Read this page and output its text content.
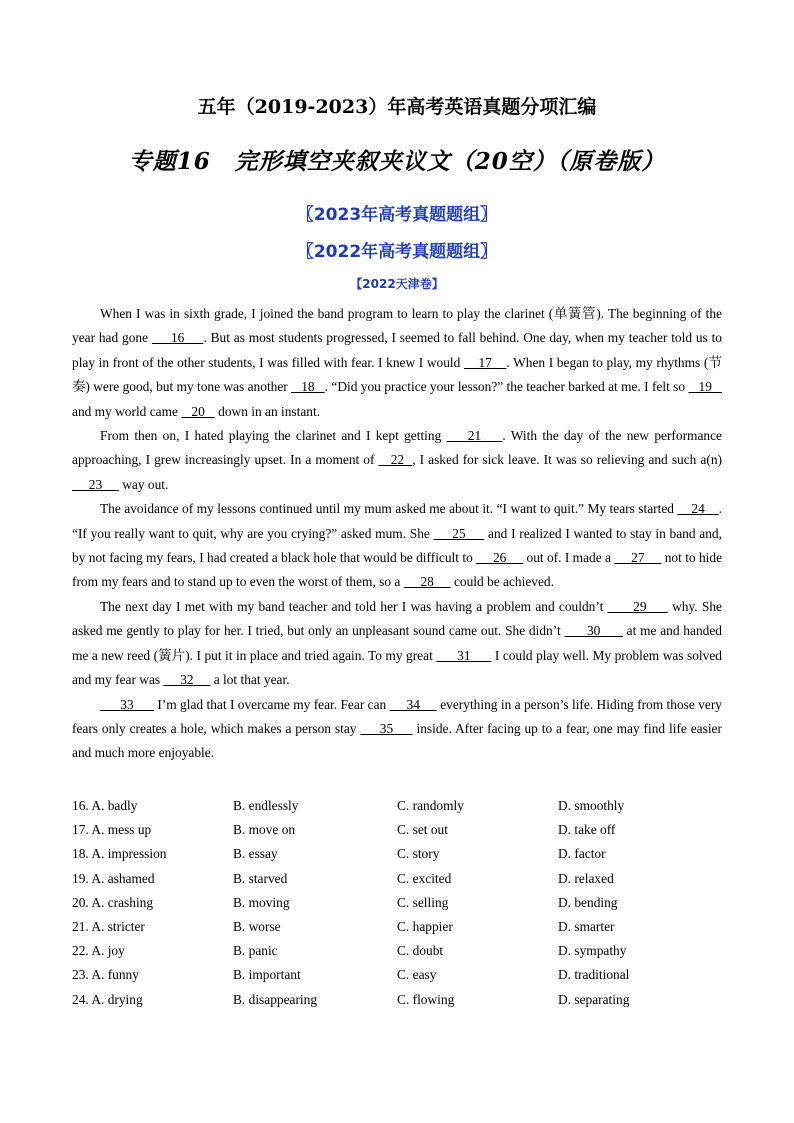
五年（2019-2023）年高考英语真题分项汇编
专题16　完形填空夹叙夹议文（20空）（原卷版）
〖2023年高考真题题组〗
〖2022年高考真题题组〗
【2022天津卷】

When I was in sixth grade, I joined the band program to learn to play the clarinet (单簧管). The beginning of the year had gone      16 . But as most students progressed, I seemed to fall behind. One day, when my teacher told us to play in front of the other students, I was filled with fear. I knew I would     17 . When I began to play, my rhythms (节奏) were good, but my tone was another    18 . “Did you practice your lesson?” the teacher barked at me. I felt so    19    and my world came    20    down in an instant.

From then on, I hated playing the clarinet and I kept getting     21 . With the day of the new performance approaching, I grew increasingly upset. In a moment of    22 , I asked for sick leave. It was so relieving and such a(n)      23      way out.

The avoidance of my lessons continued until my mum asked me about it. “I want to quit.” My tears started     24 . “If you really want to quit, why are you crying?” asked mum. She      25      and I realized I wanted to stay in band and, by not facing my fears, I had created a black hole that would be difficult to      26      out of. I made a      27      not to hide from my fears and to stand up to even the worst of them, so a      28      could be achieved.

The next day I met with my band teacher and told her I was having a problem and couldn’t       29      why. She asked me gently to play for her. I tried, but only an unpleasant sound came out. She didn’t       30       at me and handed me a new reed (簧片). I put it in place and tried again. To my great       31       I could play well. My problem was solved and my fear was      32      a lot that year.

33       I’m glad that I overcame my fear. Fear can      34      everything in a person’s life. Hiding from those very fears only creates a hole, which makes a person stay      35      inside. After facing up to a fear, one may find life easier and much more enjoyable.

16. A. badly	B. endlessly	C. randomly	D. smoothly
17. A. mess up	B. move on	C. set out	D. take off
18. A. impression	B. essay	C. story	D. factor
19. A. ashamed	B. starved	C. excited	D. relaxed
20. A. crashing	B. moving	C. selling	D. bending
21. A. stricter	B. worse	C. happier	D. smarter
22. A. joy	B. panic	C. doubt	D. sympathy
23. A. funny	B. important	C. easy	D. traditional
24. A. drying	B. disappearing	C. flowing	D. separating
